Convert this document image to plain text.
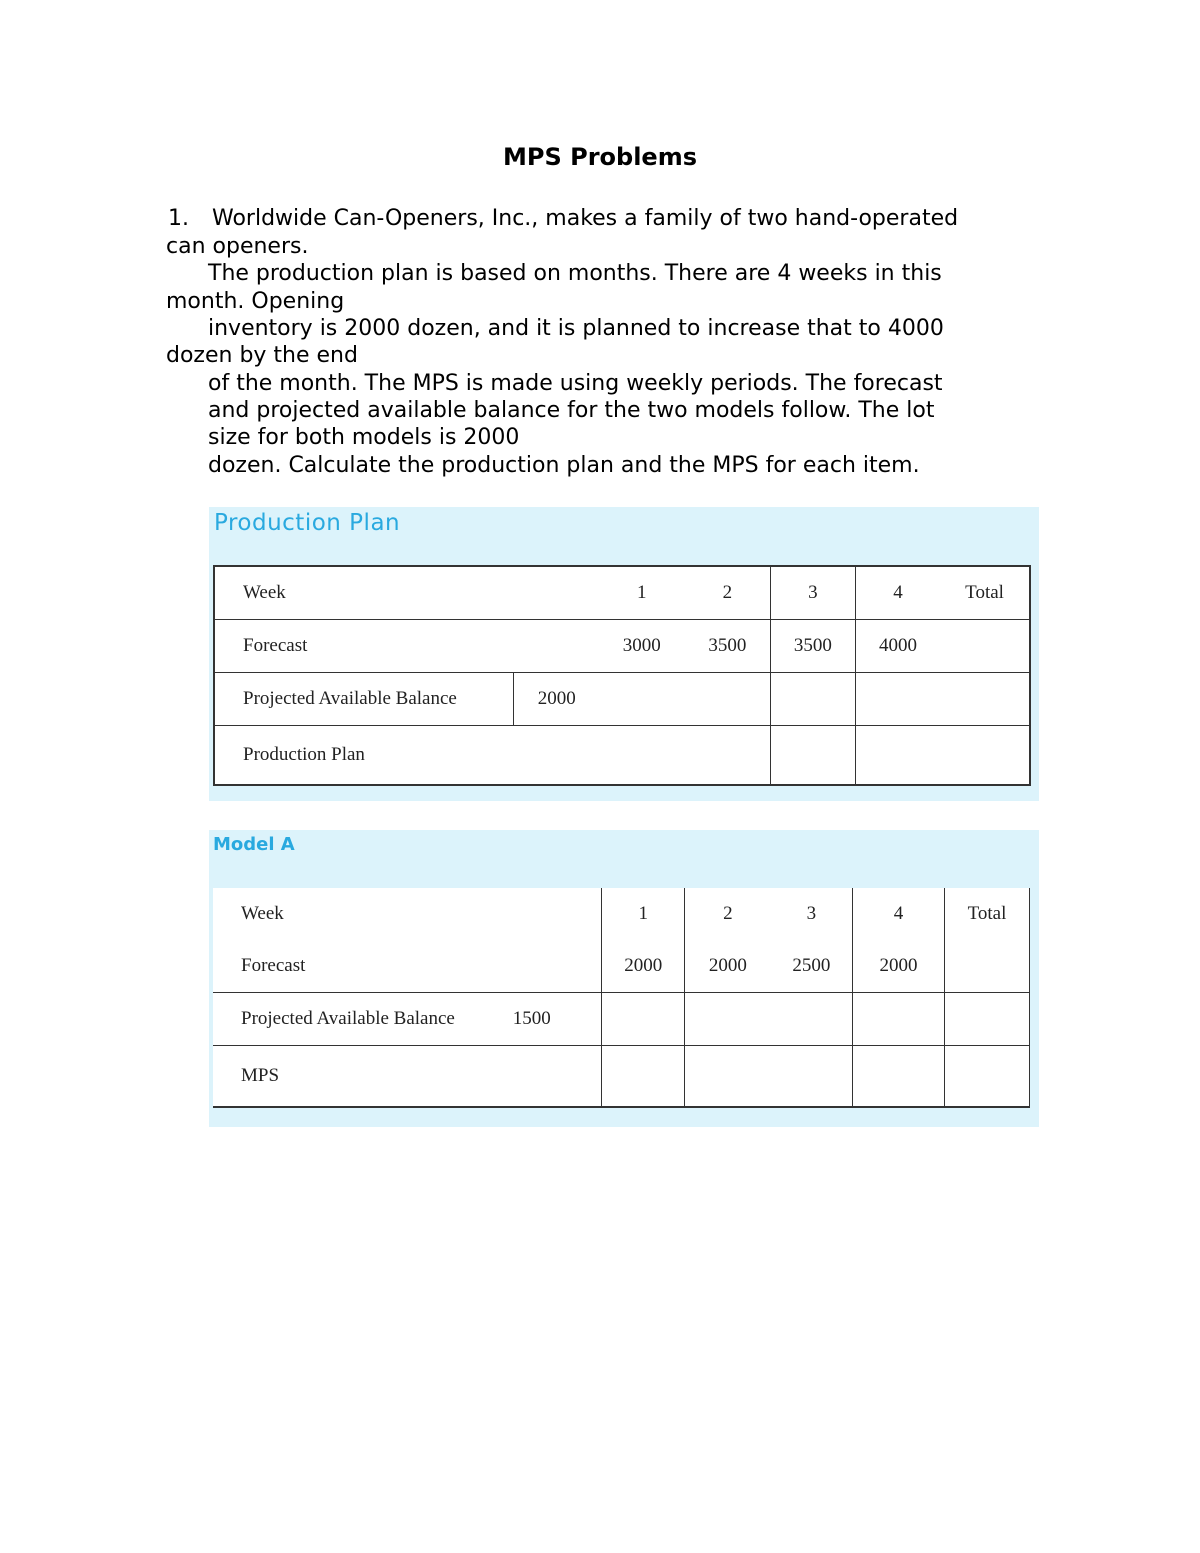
MPS Problems
1. Worldwide Can-Openers, Inc., makes a family of two hand-operated
can openers.
The production plan is based on months. There are 4 weeks in this
month. Opening
inventory is 2000 dozen, and it is planned to increase that to 4000
dozen by the end
of the month. The MPS is made using weekly periods. The forecast
and projected available balance for the two models follow. The lot
size for both models is 2000
dozen. Calculate the production plan and the MPS for each item.
Production Plan
Week		1	2	3	4	Total
Forecast		3000	3500	3500	4000	
Projected Available Balance	2000					
Production Plan						
Model A
Week		1	2	3	4	Total
Forecast		2000	2000	2500	2000	
Projected Available Balance	1500					
MPS						
